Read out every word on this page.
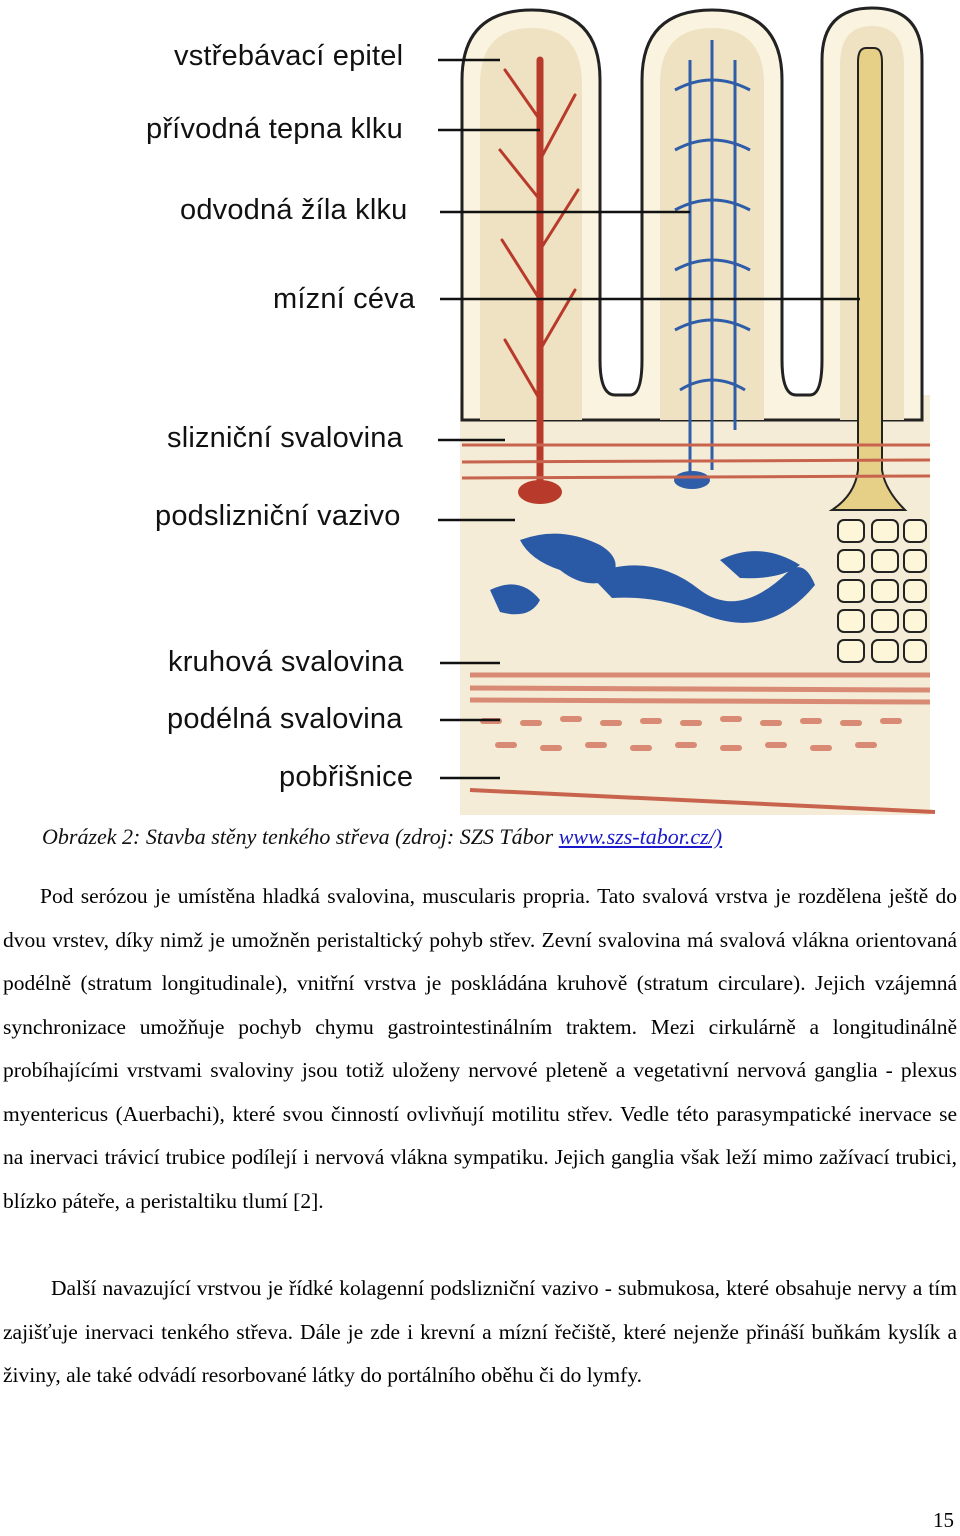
vstřebávací epitel
přívodná tepna klku
odvodná žíla klku
mízní céva
slizniční svalovina
podslizniční vazivo
kruhová svalovina
podélná svalovina
pobřišnice
Obrázek 2: Stavba stěny tenkého střeva (zdroj: SZS Tábor www.szs-tabor.cz/)

Pod serózou je umístěna hladká svalovina, muscularis propria. Tato svalová vrstva je rozdělena ještě do dvou vrstev, díky nimž je umožněn peristaltický pohyb střev. Zevní svalovina má svalová vlákna orientovaná podélně (stratum longitudinale), vnitřní vrstva je poskládána kruhově (stratum circulare). Jejich vzájemná synchronizace umožňuje pochyb chymu gastrointestinálním traktem. Mezi cirkulárně a longitudinálně probíhajícími vrstvami svaloviny jsou totiž uloženy nervové pleteně a vegetativní nervová ganglia - plexus myentericus (Auerbachi), které svou činností ovlivňují motilitu střev. Vedle této parasympatické inervace se na inervaci trávicí trubice podílejí i nervová vlákna sympatiku. Jejich ganglia však leží mimo zažívací trubici, blízko páteře, a peristaltiku tlumí [2].

Další navazující vrstvou je řídké kolagenní podslizniční vazivo - submukosa, které obsahuje nervy a tím zajišťuje inervaci tenkého střeva. Dále je zde i krevní a mízní řečiště, které nejenže přináší buňkám kyslík a živiny, ale také odvádí resorbované látky do portálního oběhu či do lymfy.

15
